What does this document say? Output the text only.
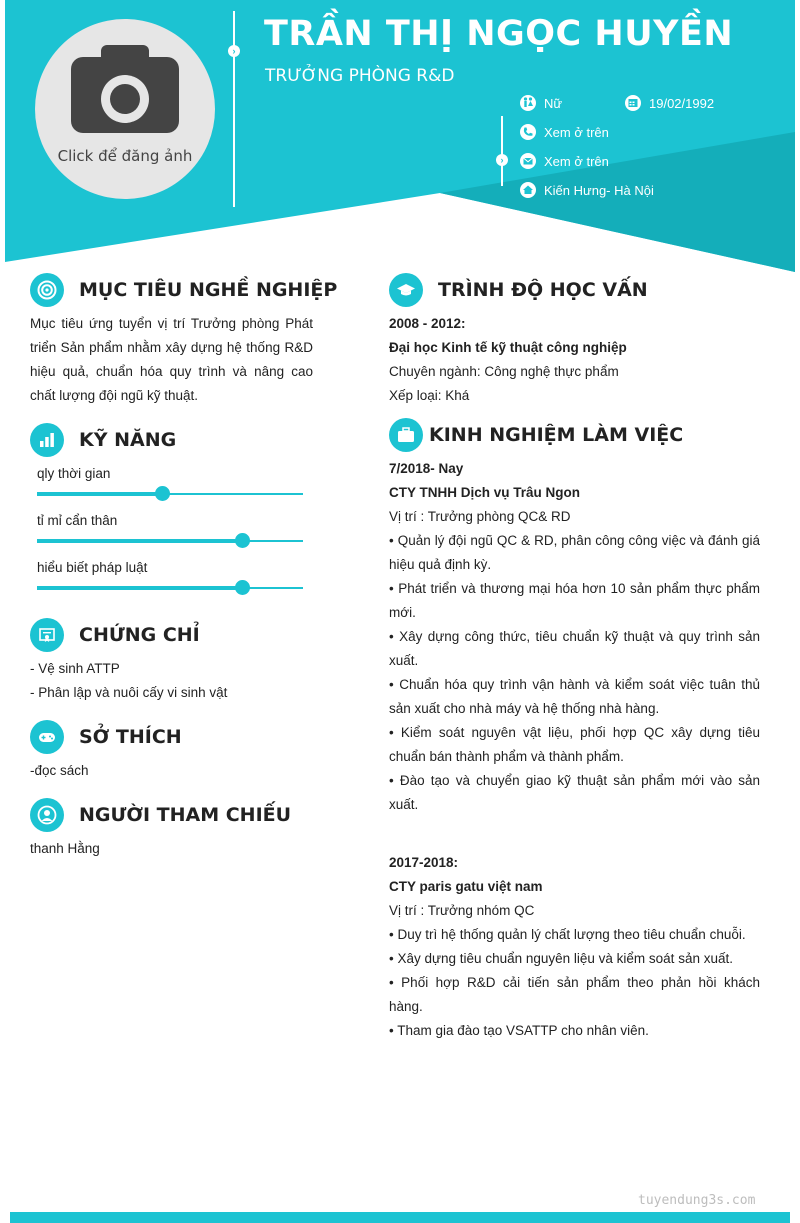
Click để đăng ảnh
› TRẦN THỊ NGỌC HUYỀN
TRƯỞNG PHÒNG R&D
›
Nữ	19/02/1992
Xem ở trên
Xem ở trên
Kiến Hưng- Hà Nội
MỤC TIÊU NGHỀ NGHIỆP
Mục tiêu ứng tuyển vị trí Trưởng phòng Phát
triển Sản phẩm nhằm xây dựng hệ thống R&D
hiệu quả, chuẩn hóa quy trình và nâng cao
chất lượng đội ngũ kỹ thuật.
KỸ NĂNG
qly thời gian
tỉ mỉ cẩn thân
hiểu biết pháp luật
CHỨNG CHỈ
- Vệ sinh ATTP
- Phân lập và nuôi cấy vi sinh vật
SỞ THÍCH
-đọc sách
NGƯỜI THAM CHIẾU
thanh Hằng
TRÌNH ĐỘ HỌC VẤN
2008 - 2012:
Đại học Kinh tế kỹ thuật công nghiệp
Chuyên ngành: Công nghệ thực phẩm
Xếp loại: Khá
KINH NGHIỆM LÀM VIỆC
7/2018- Nay
CTY TNHH Dịch vụ Trâu Ngon
Vị trí : Trưởng phòng QC& RD
• Quản lý đội ngũ QC & RD, phân công công việc và đánh giá
hiệu quả định kỳ.
• Phát triển và thương mại hóa hơn 10 sản phẩm thực phẩm
mới.
• Xây dựng công thức, tiêu chuẩn kỹ thuật và quy trình sản
xuất.
• Chuẩn hóa quy trình vận hành và kiểm soát việc tuân thủ
sản xuất cho nhà máy và hệ thống nhà hàng.
• Kiểm soát nguyên vật liệu, phối hợp QC xây dựng tiêu
chuẩn bán thành phẩm và thành phẩm.
• Đào tạo và chuyển giao kỹ thuật sản phẩm mới vào sản
xuất.
2017-2018:
CTY paris gatu việt nam
Vị trí : Trưởng nhóm QC
• Duy trì hệ thống quản lý chất lượng theo tiêu chuẩn chuỗi.
• Xây dựng tiêu chuẩn nguyên liệu và kiểm soát sản xuất.
• Phối hợp R&D cải tiến sản phẩm theo phản hồi khách
hàng.
• Tham gia đào tạo VSATTP cho nhân viên.
tuyendung3s.com
